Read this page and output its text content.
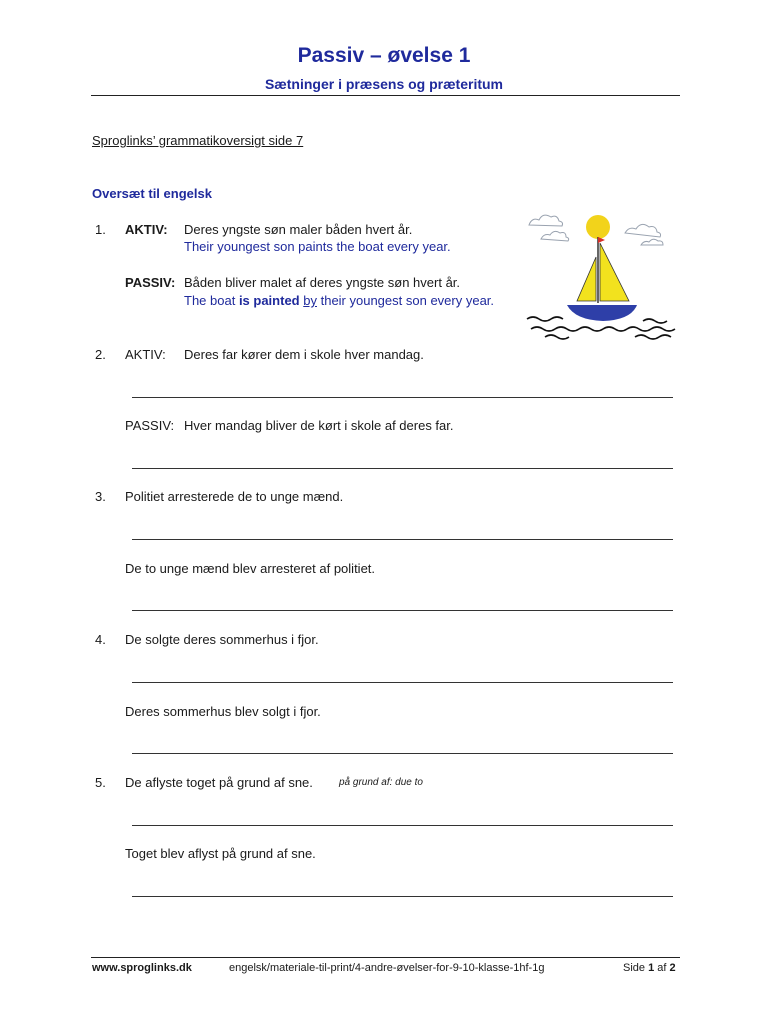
Passiv – øvelse 1
Sætninger i præsens og præteritum
Sproglinks’ grammatikoversigt side 7
Oversæt til engelsk
1. AKTIV: Deres yngste søn maler båden hvert år.
Their youngest son paints the boat every year.
PASSIV: Båden bliver malet af deres yngste søn hvert år.
The boat is painted by their youngest son every year.
2. AKTIV: Deres far kører dem i skole hver mandag.
PASSIV: Hver mandag bliver de kørt i skole af deres far.
3. Politiet arresterede de to unge mænd.
De to unge mænd blev arresteret af politiet.
4. De solgte deres sommerhus i fjor.
Deres sommerhus blev solgt i fjor.
5. De aflyste toget på grund af sne.	på grund af: due to
Toget blev aflyst på grund af sne.
www.sproglinks.dk	engelsk/materiale-til-print/4-andre-øvelser-for-9-10-klasse-1hf-1g	Side 1 af 2
